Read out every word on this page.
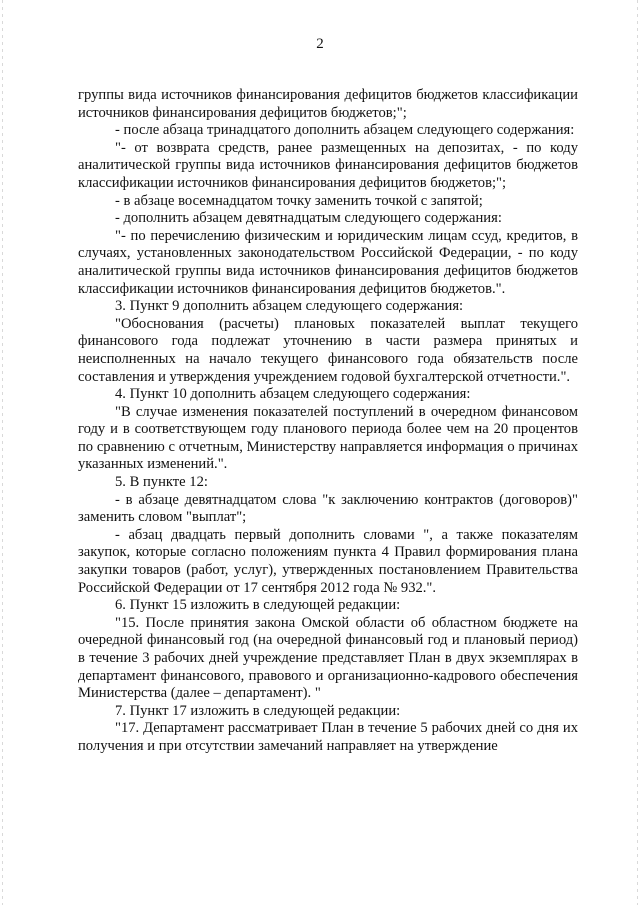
2

группы вида источников финансирования дефицитов бюджетов классификации источников финансирования дефицитов бюджетов;";

- после абзаца тринадцатого дополнить абзацем следующего содержания:

"- от возврата средств, ранее размещенных на депозитах, - по коду аналитической группы вида источников финансирования дефицитов бюджетов классификации источников финансирования дефицитов бюджетов;";

- в абзаце восемнадцатом точку заменить точкой с запятой;

- дополнить абзацем девятнадцатым следующего содержания:

"- по перечислению физическим и юридическим лицам ссуд, кредитов, в случаях, установленных законодательством Российской Федерации, - по коду аналитической группы вида источников финансирования дефицитов бюджетов классификации источников финансирования дефицитов бюджетов.".

3. Пункт 9 дополнить абзацем следующего содержания:

"Обоснования (расчеты) плановых показателей выплат текущего финансового года подлежат уточнению в части размера принятых и неисполненных на начало текущего финансового года обязательств после составления и утверждения учреждением годовой бухгалтерской отчетности.".

4. Пункт 10 дополнить абзацем следующего содержания:

"В случае изменения показателей поступлений в очередном финансовом году и в соответствующем году планового периода более чем на 20 процентов по сравнению с отчетным, Министерству направляется информация о причинах указанных изменений.".

5. В пункте 12:

- в абзаце девятнадцатом слова "к заключению контрактов (договоров)" заменить словом "выплат";

- абзац двадцать первый дополнить словами ", а также показателям закупок, которые согласно положениям пункта 4 Правил формирования плана закупки товаров (работ, услуг), утвержденных постановлением Правительства Российской Федерации от 17 сентября 2012 года № 932.".

6. Пункт 15 изложить в следующей редакции:

"15. После принятия закона Омской области об областном бюджете на очередной финансовый год (на очередной финансовый год и плановый период) в течение 3 рабочих дней учреждение представляет План в двух экземплярах в департамент финансового, правового и организационно-кадрового обеспечения Министерства (далее – департамент). "

7. Пункт 17 изложить в следующей редакции:

"17. Департамент рассматривает План в течение 5 рабочих дней со дня их получения и при отсутствии замечаний направляет на утверждение
